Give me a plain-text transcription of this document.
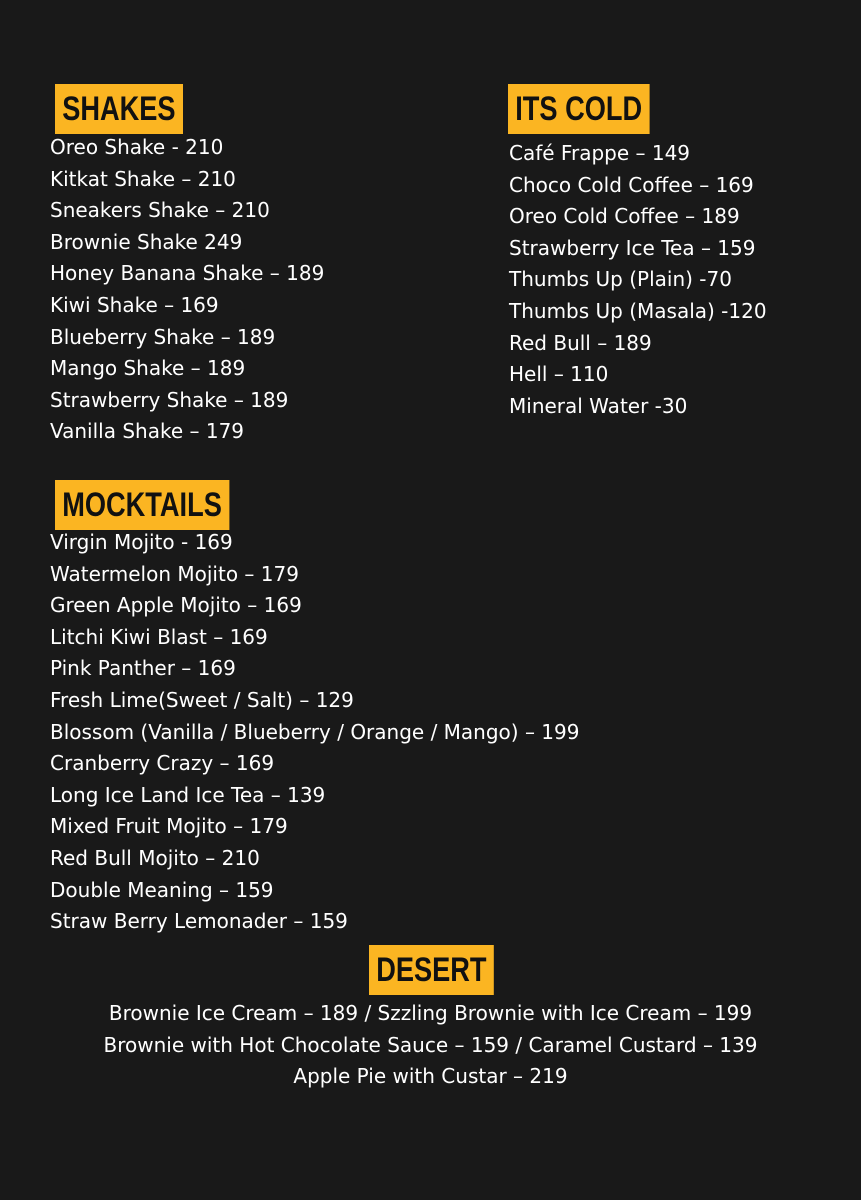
SHAKES
Oreo Shake - 210
Kitkat Shake – 210
Sneakers Shake – 210
Brownie Shake 249
Honey Banana Shake – 189
Kiwi Shake – 169
Blueberry Shake – 189
Mango Shake – 189
Strawberry Shake – 189
Vanilla Shake – 179
ITS COLD
Café Frappe – 149
Choco Cold Coffee – 169
Oreo Cold Coffee – 189
Strawberry Ice Tea – 159
Thumbs Up (Plain) -70
Thumbs Up (Masala) -120
Red Bull – 189
Hell – 110
Mineral Water -30
MOCKTAILS
Virgin Mojito - 169
Watermelon Mojito – 179
Green Apple Mojito – 169
Litchi Kiwi Blast – 169
Pink Panther – 169
Fresh Lime(Sweet / Salt) – 129
Blossom (Vanilla / Blueberry / Orange / Mango) – 199
Cranberry Crazy – 169
Long Ice Land Ice Tea – 139
Mixed Fruit Mojito – 179
Red Bull Mojito – 210
Double Meaning – 159
Straw Berry Lemonader – 159
DESERT
Brownie Ice Cream – 189 / Szzling Brownie with Ice Cream – 199
Brownie with Hot Chocolate Sauce – 159 / Caramel Custard – 139
Apple Pie with Custar – 219
